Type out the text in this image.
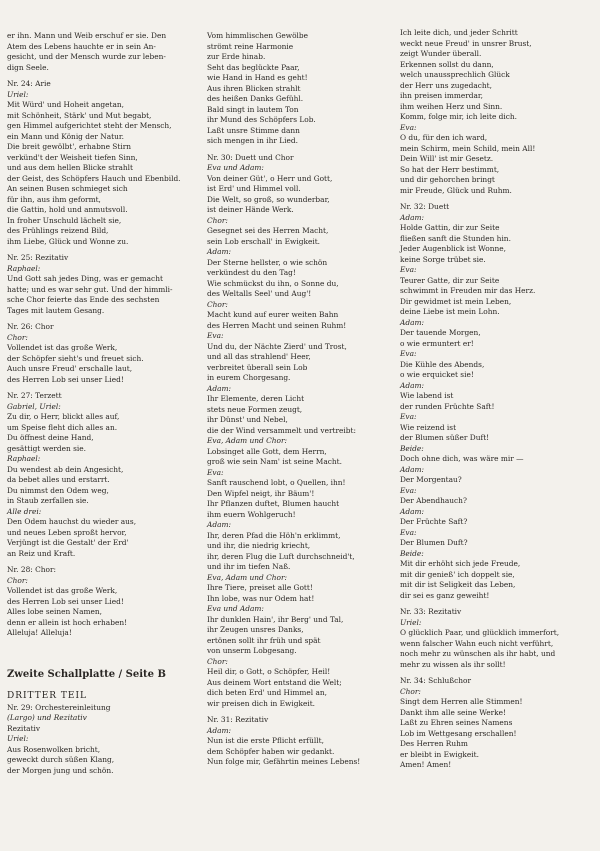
er ihn. Mann und Weib erschuf er sie. Den
Atem des Lebens hauchte er in sein An-
gesicht, und der Mensch wurde zur leben-
dign Seele.
Nr. 24: Arie
Uriel:
Mit Würd' und Hoheit angetan,
mit Schönheit, Stärk' und Mut begabt,
gen Himmel aufgerichtet steht der Mensch,
ein Mann und König der Natur.
Die breit gewölbt', erhabne Stirn
verkünd't der Weisheit tiefen Sinn,
und aus dem hellen Blicke strahlt
der Geist, des Schöpfers Hauch und Ebenbild.
An seinen Busen schmieget sich
für ihn, aus ihm geformt,
die Gattin, hold und anmutsvoll.
In froher Unschuld lächelt sie,
des Frühlings reizend Bild,
ihm Liebe, Glück und Wonne zu.
Nr. 25: Rezitativ
Raphael:
Und Gott sah jedes Ding, was er gemacht
hatte; und es war sehr gut. Und der himmli-
sche Chor feierte das Ende des sechsten
Tages mit lautem Gesang.
Nr. 26: Chor
Chor:
Vollendet ist das große Werk,
der Schöpfer sieht's und freuet sich.
Auch unsre Freud' erschalle laut,
des Herren Lob sei unser Lied!
Nr. 27: Terzett
Gabriel, Uriel:
Zu dir, o Herr, blickt alles auf,
um Speise fleht dich alles an.
Du öffnest deine Hand,
gesättigt werden sie.
Raphael:
Du wendest ab dein Angesicht,
da bebet alles und erstarrt.
Du nimmst den Odem weg,
in Staub zerfallen sie.
Alle drei:
Den Odem hauchst du wieder aus,
und neues Leben sproßt hervor,
Verjüngt ist die Gestalt' der Erd'
an Reiz und Kraft.
Nr. 28: Chor:
Chor:
Vollendet ist das große Werk,
des Herren Lob sei unser Lied!
Alles lobe seinen Namen,
denn er allein ist hoch erhaben!
Alleluja! Alleluja!
Zweite Schallplatte / Seite B
DRITTER TEIL
Nr. 29: Orchestereinleitung
(Largo) und Rezitativ
Rezitativ
Uriel:
Aus Rosenwolken bricht,
geweckt durch süßen Klang,
der Morgen jung und schön.
Vom himmlischen Gewölbe
strömt reine Harmonie
zur Erde hinab.
Seht das beglückte Paar,
wie Hand in Hand es geht!
Aus ihren Blicken strahlt
des heißen Danks Gefühl.
Bald singt in lautem Ton
ihr Mund des Schöpfers Lob.
Laßt unsre Stimme dann
sich mengen in ihr Lied.
Nr. 30: Duett und Chor
Eva und Adam:
Von deiner Güt', o Herr und Gott,
ist Erd' und Himmel voll.
Die Welt, so groß, so wunderbar,
ist deiner Hände Werk.
Chor:
Gesegnet sei des Herren Macht,
sein Lob erschall' in Ewigkeit.
Adam:
Der Sterne hellster, o wie schön
verkündest du den Tag!
Wie schmückst du ihn, o Sonne du,
des Weltalls Seel' und Aug'!
Chor:
Macht kund auf eurer weiten Bahn
des Herren Macht und seinen Ruhm!
Eva:
Und du, der Nächte Zierd' und Trost,
und all das strahlend' Heer,
verbreitet überall sein Lob
in eurem Chorgesang.
Adam:
Ihr Elemente, deren Licht
stets neue Formen zeugt,
ihr Dünst' und Nebel,
die der Wind versammelt und vertreibt:
Eva, Adam und Chor:
Lobsinget alle Gott, dem Herrn,
groß wie sein Nam' ist seine Macht.
Eva:
Sanft rauschend lobt, o Quellen, ihn!
Den Wipfel neigt, ihr Bäum'!
Ihr Pflanzen duftet, Blumen haucht
ihm euern Wohlgeruch!
Adam:
Ihr, deren Pfad die Höh'n erklimmt,
und ihr, die niedrig kriecht,
ihr, deren Flug die Luft durchschneid't,
und ihr im tiefen Naß.
Eva, Adam und Chor:
Ihre Tiere, preiset alle Gott!
Ihn lobe, was nur Odem hat!
Eva und Adam:
Ihr dunklen Hain', ihr Berg' und Tal,
ihr Zeugen unsres Danks,
ertönen sollt ihr früh und spät
von unserm Lobgesang.
Chor:
Heil dir, o Gott, o Schöpfer, Heil!
Aus deinem Wort entstand die Welt;
dich beten Erd' und Himmel an,
wir preisen dich in Ewigkeit.
Nr. 31: Rezitativ
Adam:
Nun ist die erste Pflicht erfüllt,
dem Schöpfer haben wir gedankt.
Nun folge mir, Gefährtin meines Lebens!
Ich leite dich, und jeder Schritt
weckt neue Freud' in unsrer Brust,
zeigt Wunder überall.
Erkennen sollst du dann,
welch unaussprechlich Glück
der Herr uns zugedacht,
ihn preisen immerdar,
ihm weihen Herz und Sinn.
Komm, folge mir, ich leite dich.
Eva:
O du, für den ich ward,
mein Schirm, mein Schild, mein All!
Dein Will' ist mir Gesetz.
So hat der Herr bestimmt,
und dir gehorchen bringt
mir Freude, Glück und Ruhm.
Nr. 32: Duett
Adam:
Holde Gattin, dir zur Seite
fließen sanft die Stunden hin.
Jeder Augenblick ist Wonne,
keine Sorge trübet sie.
Eva:
Teurer Gatte, dir zur Seite
schwimmt in Freuden mir das Herz.
Dir gewidmet ist mein Leben,
deine Liebe ist mein Lohn.
Adam:
Der tauende Morgen,
o wie ermuntert er!
Eva:
Die Kühle des Abends,
o wie erquicket sie!
Adam:
Wie labend ist
der runden Früchte Saft!
Eva:
Wie reizend ist
der Blumen süßer Duft!
Beide:
Doch ohne dich, was wäre mir —
Adam:
Der Morgentau?
Eva:
Der Abendhauch?
Adam:
Der Früchte Saft?
Eva:
Der Blumen Duft?
Beide:
Mit dir erhöht sich jede Freude,
mit dir genieß' ich doppelt sie,
mit dir ist Seligkeit das Leben,
dir sei es ganz geweiht!
Nr. 33: Rezitativ
Uriel:
O glücklich Paar, und glücklich immerfort,
wenn falscher Wahn euch nicht verführt,
noch mehr zu wünschen als ihr habt, und
mehr zu wissen als ihr sollt!
Nr. 34: Schlußchor
Chor:
Singt dem Herren alle Stimmen!
Dankt ihm alle seine Werke!
Laßt zu Ehren seines Namens
Lob im Wettgesang erschallen!
Des Herren Ruhm
er bleibt in Ewigkeit.
Amen! Amen!
